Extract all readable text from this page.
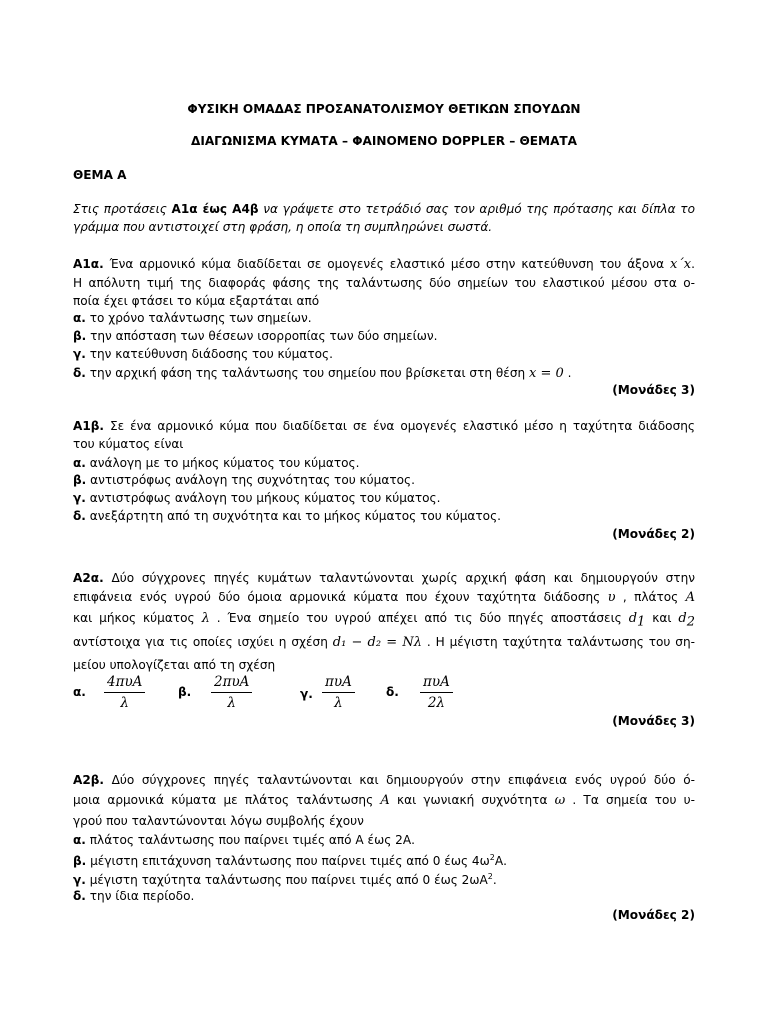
ΦΥΣΙΚΗ ΟΜΑΔΑΣ ΠΡΟΣΑΝΑΤΟΛΙΣΜΟΥ ΘΕΤΙΚΩΝ ΣΠΟΥΔΩΝ
ΔΙΑΓΩΝΙΣΜΑ ΚΥΜΑΤΑ – ΦΑΙΝΟΜΕΝΟ DOPPLER – ΘΕΜΑΤΑ
ΘΕΜΑ Α
Στις προτάσεις Α1α έως Α4β να γράψετε στο τετράδιό σας τον αριθμό της πρότασης και δίπλα το
γράμμα που αντιστοιχεί στη φράση, η οποία τη συμπληρώνει σωστά.
Α1α. Ένα αρμονικό κύμα διαδίδεται σε ομογενές ελαστικό μέσο στην κατεύθυνση του άξονα x΄x.
Η απόλυτη τιμή της διαφοράς φάσης της ταλάντωσης δύο σημείων του ελαστικού μέσου στα ο-
ποία έχει φτάσει το κύμα εξαρτάται από
α. το χρόνο ταλάντωσης των σημείων.
β. την απόσταση των θέσεων ισορροπίας των δύο σημείων.
γ. την κατεύθυνση διάδοσης του κύματος.
δ. την αρχική φάση της ταλάντωσης του σημείου που βρίσκεται στη θέση x = 0 .
(Μονάδες 3)
Α1β. Σε ένα αρμονικό κύμα που διαδίδεται σε ένα ομογενές ελαστικό μέσο η ταχύτητα διάδοσης
του κύματος είναι
α. ανάλογη με το μήκος κύματος του κύματος.
β. αντιστρόφως ανάλογη της συχνότητας του κύματος.
γ. αντιστρόφως ανάλογη του μήκους κύματος του κύματος.
δ. ανεξάρτητη από τη συχνότητα και το μήκος κύματος του κύματος.
(Μονάδες 2)
Α2α. Δύο σύγχρονες πηγές κυμάτων ταλαντώνονται χωρίς αρχική φάση και δημιουργούν στην
επιφάνεια ενός υγρού δύο όμοια αρμονικά κύματα που έχουν ταχύτητα διάδοσης υ , πλάτος A
και μήκος κύματος λ . Ένα σημείο του υγρού απέχει από τις δύο πηγές αποστάσεις $d_1$ και $d_2$
αντίστοιχα για τις οποίες ισχύει η σχέση d₁ − d₂ = Nλ . Η μέγιστη ταχύτητα ταλάντωσης του ση-
μείου υπολογίζεται από τη σχέση
α.
4πυA
λ
β.
2πυA
λ
γ.
πυA
λ
δ.
πυA
2λ
(Μονάδες 3)
Α2β. Δύο σύγχρονες πηγές ταλαντώνονται και δημιουργούν στην επιφάνεια ενός υγρού δύο ό-
μοια αρμονικά κύματα με πλάτος ταλάντωσης A και γωνιακή συχνότητα ω . Τα σημεία του υ-
γρού που ταλαντώνονται λόγω συμβολής έχουν
α. πλάτος ταλάντωσης που παίρνει τιμές από Α έως 2Α.
β. μέγιστη επιτάχυνση ταλάντωσης που παίρνει τιμές από 0 έως $4\omega^2A$.
γ. μέγιστη ταχύτητα ταλάντωσης που παίρνει τιμές από 0 έως $2\omega A^2$.
δ. την ίδια περίοδο.
(Μονάδες 2)
